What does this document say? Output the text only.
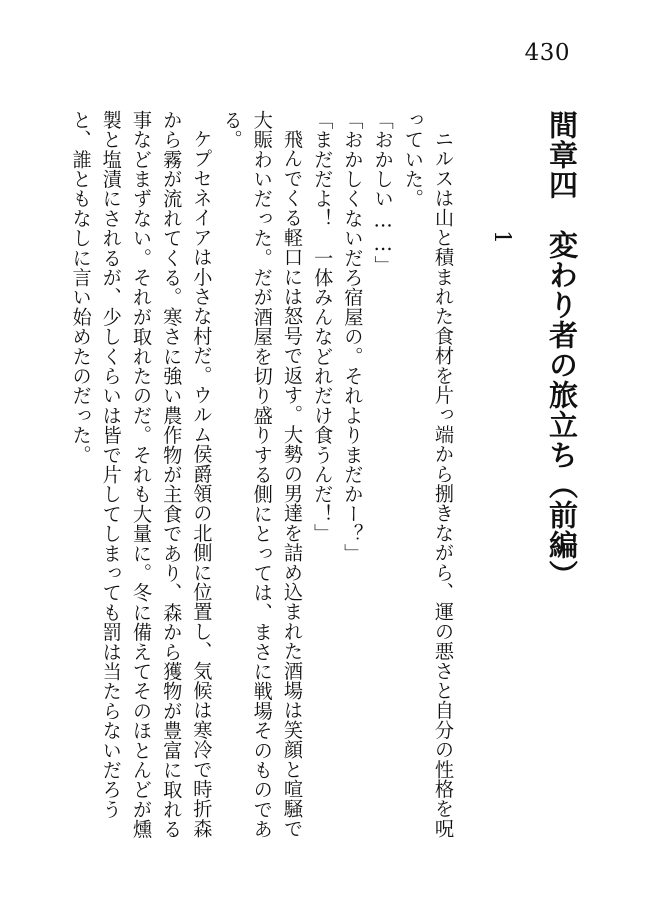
430
間章四　変わり者の旅立ち（前編）
1

ニルスは山と積まれた食材を片っ端から捌きながら、運の悪さと自分の性格を呪っていた。

「おかしい……」

「おかしくないだろ宿屋の。それよりまだかー？」

「まだだよ！　一体みんなどれだけ食うんだ！」

飛んでくる軽口には怒号で返す。大勢の男達を詰め込まれた酒場は笑顔と喧騒で大賑わいだった。だが酒屋を切り盛りする側にとっては、まさに戦場そのものである。

ケプセネイアは小さな村だ。ウルム侯爵領の北側に位置し、気候は寒冷で時折森から霧が流れてくる。寒さに強い農作物が主食であり、森から獲物が豊富に取れる事などまずない。それが取れたのだ。それも大量に。冬に備えてそのほとんどが燻製と塩漬にされるが、少しくらいは皆で片してしまっても罰は当たらないだろうと、誰ともなしに言い始めたのだった。
